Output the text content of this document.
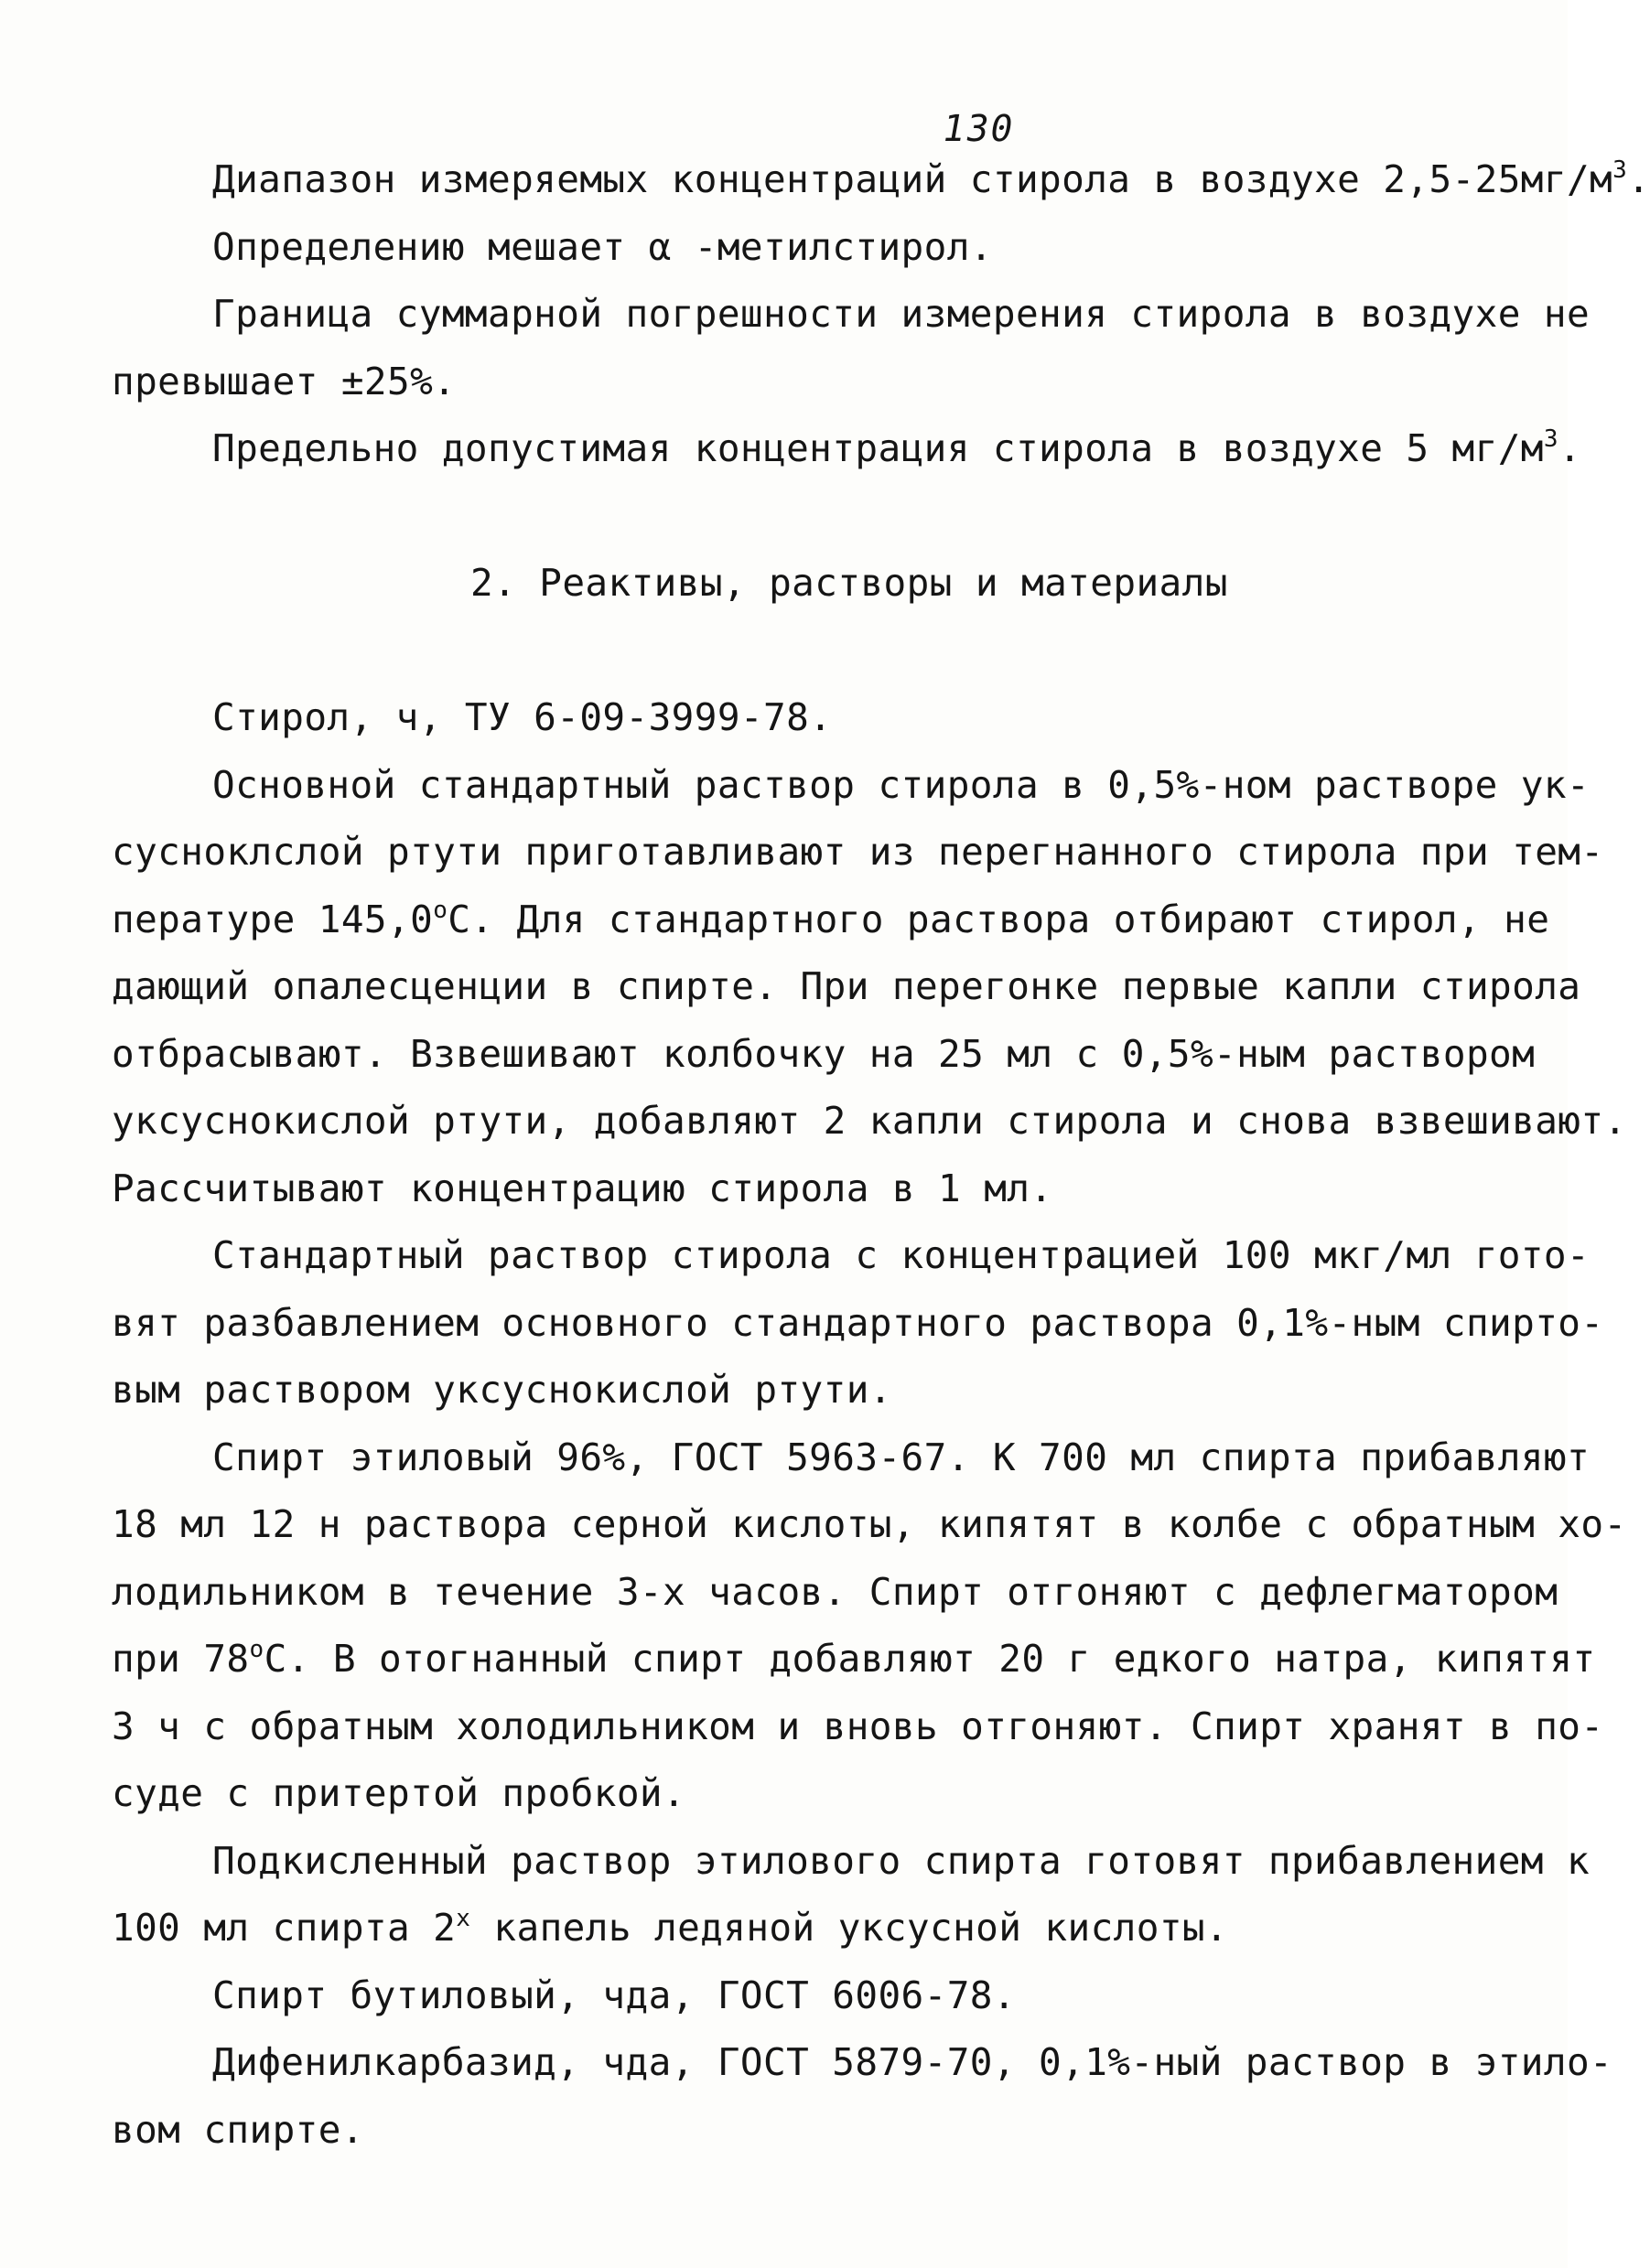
130
Диапазон измеряемых концентраций стирола в воздухе $2,5-25мг/м^3$.
Определению мешает α -метилстирол.
Граница суммарной погрешности измерения стирола в воздухе не
превышает ±25%.
Предельно допустимая концентрация стирола в воздухе 5 $мг/м^3$.
2. Реактивы, растворы и материалы
Стирол, ч, ТУ 6-09-3999-78.
Основной стандартный раствор стирола в 0,5%-ном растворе ук-
сусноклслой ртути приготавливают из перегнанного стирола при тем-
пературе $145,0^оС$. Для стандартного раствора отбирают стирол, не
дающий опалесценции в спирте. При перегонке первые капли стирола
отбрасывают. Взвешивают колбочку на 25 мл с 0,5%-ным раствором
уксуснокислой ртути, добавляют 2 капли стирола и снова взвешивают.
Рассчитывают концентрацию стирола в 1 мл.
Стандартный раствор стирола с концентрацией 100 мкг/мл гото-
вят разбавлением основного стандартного раствора 0,1%-ным спирто-
вым раствором уксуснокислой ртути.
Спирт этиловый 96%, ГОСТ 5963-67. К 700 мл спирта прибавляют
18 мл 12 н раствора серной кислоты, кипятят в колбе с обратным хо-
лодильником в течение 3-х часов. Спирт отгоняют с дефлегматором
при $78^оС$. В отогнанный спирт добавляют 20 г едкого натра, кипятят
3 ч с обратным холодильником и вновь отгоняют. Спирт хранят в по-
суде с притертой пробкой.
Подкисленный раствор этилового спирта готовят прибавлением к
100 мл спирта $2^х$ капель ледяной уксусной кислоты.
Спирт бутиловый, чда, ГОСТ 6006-78.
Дифенилкарбазид, чда, ГОСТ 5879-70, 0,1%-ный раствор в этило-
вом спирте.
